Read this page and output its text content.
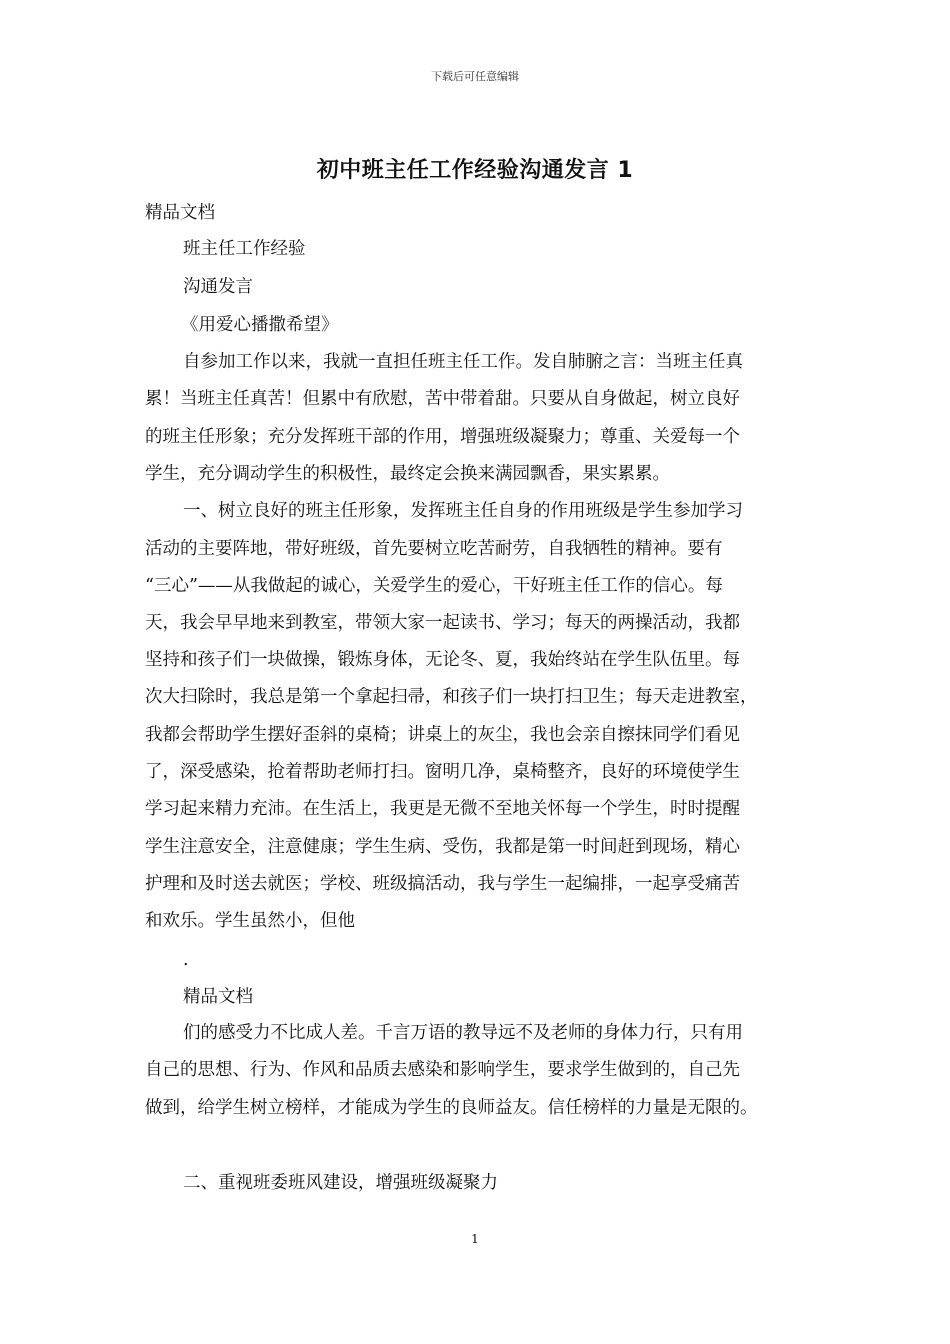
下载后可任意编辑
初中班主任工作经验沟通发言 1
精品文档
班主任工作经验
沟通发言
《用爱心播撒希望》
自参加工作以来，我就一直担任班主任工作。发自肺腑之言：当班主任真
累！当班主任真苦！但累中有欣慰，苦中带着甜。只要从自身做起，树立良好
的班主任形象；充分发挥班干部的作用，增强班级凝聚力；尊重、关爱每一个
学生，充分调动学生的积极性，最终定会换来满园飘香，果实累累。
一、树立良好的班主任形象，发挥班主任自身的作用班级是学生参加学习
活动的主要阵地，带好班级，首先要树立吃苦耐劳，自我牺牲的精神。要有
“三心”——从我做起的诚心，关爱学生的爱心，干好班主任工作的信心。每
天，我会早早地来到教室，带领大家一起读书、学习；每天的两操活动，我都
坚持和孩子们一块做操，锻炼身体，无论冬、夏，我始终站在学生队伍里。每
次大扫除时，我总是第一个拿起扫帚，和孩子们一块打扫卫生；每天走进教室，
我都会帮助学生摆好歪斜的桌椅；讲桌上的灰尘，我也会亲自擦抹同学们看见
了，深受感染，抢着帮助老师打扫。窗明几净，桌椅整齐，良好的环境使学生
学习起来精力充沛。在生活上，我更是无微不至地关怀每一个学生，时时提醒
学生注意安全，注意健康；学生生病、受伤，我都是第一时间赶到现场，精心
护理和及时送去就医；学校、班级搞活动，我与学生一起编排，一起享受痛苦
和欢乐。学生虽然小，但他
.
精品文档
们的感受力不比成人差。千言万语的教导远不及老师的身体力行，只有用
自己的思想、行为、作风和品质去感染和影响学生，要求学生做到的，自己先
做到，给学生树立榜样，才能成为学生的良师益友。信任榜样的力量是无限的。
二、重视班委班风建设，增强班级凝聚力
1
